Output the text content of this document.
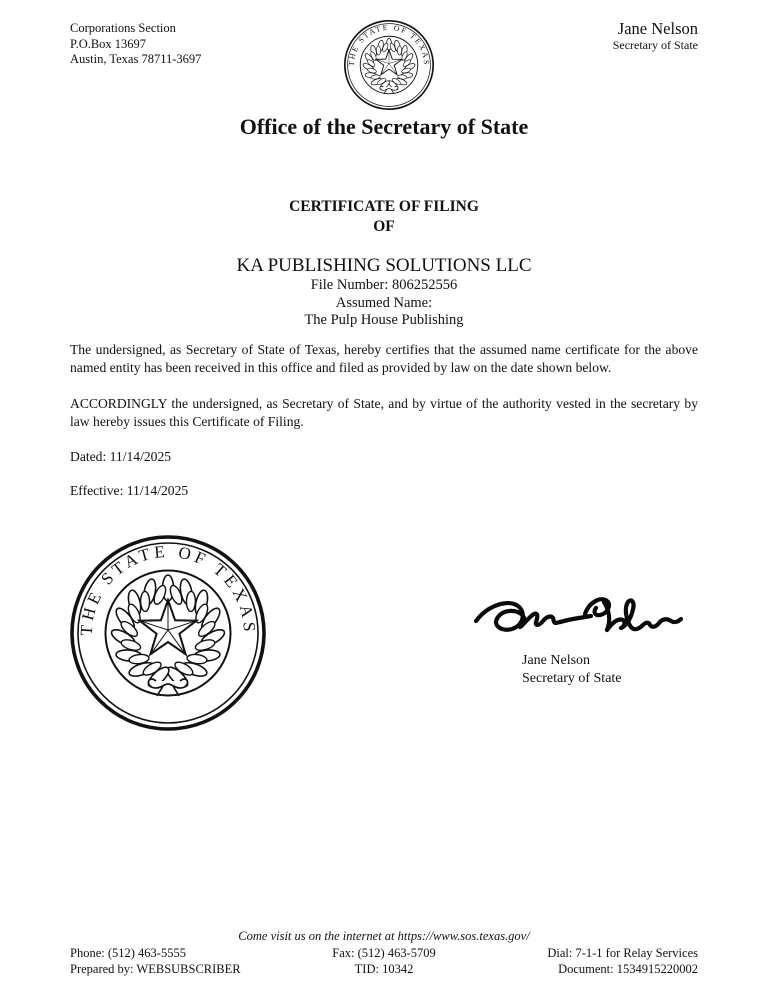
Corporations Section
P.O.Box 13697
Austin, Texas 78711-3697	THE STATE OF TEXAS
Jane Nelson
Secretary of State
Office of the Secretary of State
CERTIFICATE OF FILING
OF
KA PUBLISHING SOLUTIONS LLC
File Number: 806252556
Assumed Name:
The Pulp House Publishing

The undersigned, as Secretary of State of Texas, hereby certifies that the assumed name certificate for the above named entity has been received in this office and filed as provided by law on the date shown below.

ACCORDINGLY the undersigned, as Secretary of State, and by virtue of the authority vested in the secretary by law hereby issues this Certificate of Filing.

Dated: 11/14/2025
Effective: 11/14/2025
THE STATE OF TEXAS
Jane Nelson
Secretary of State
Come visit us on the internet at https://www.sos.texas.gov/
Phone: (512) 463-5555	Fax: (512) 463-5709	Dial: 7-1-1 for Relay Services
Prepared by: WEBSUBSCRIBER	TID: 10342	Document: 1534915220002
